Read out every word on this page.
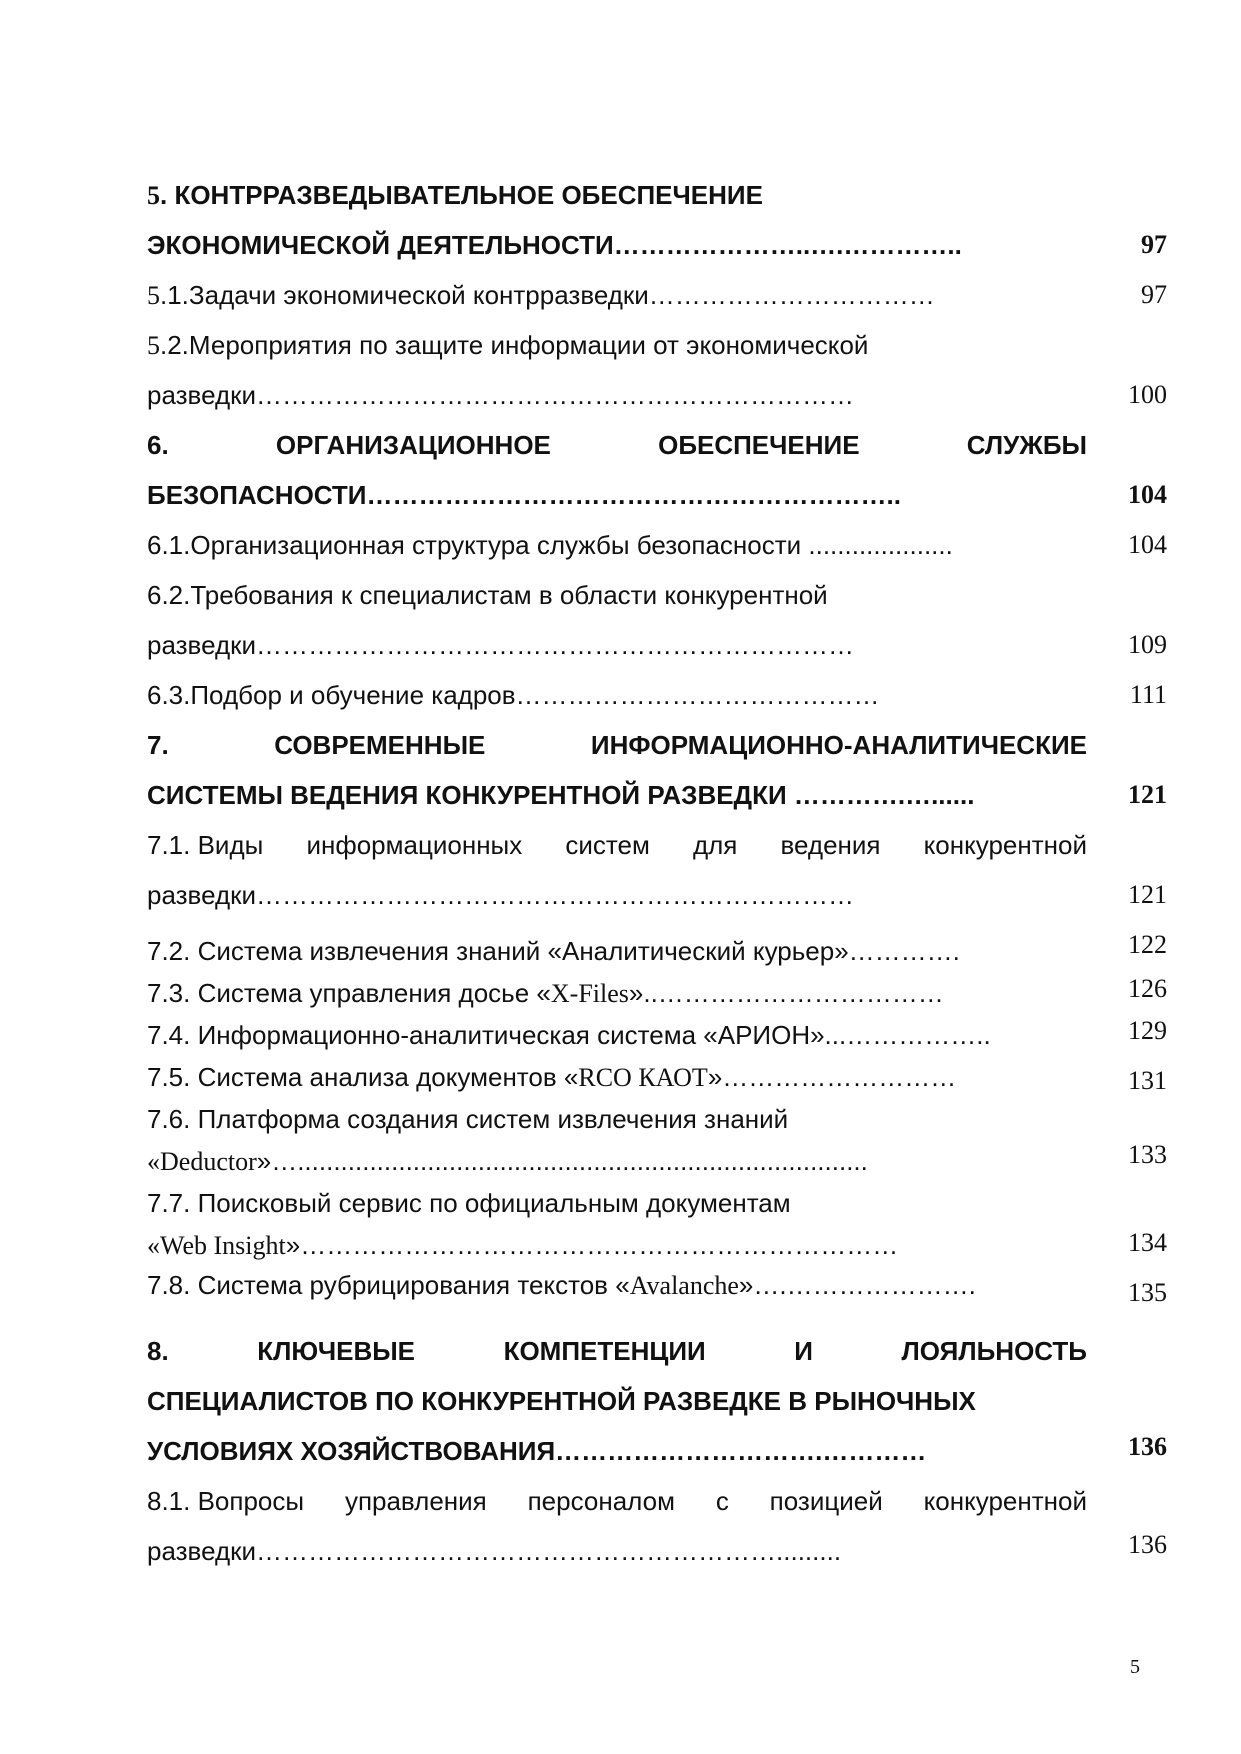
5. КОНТРРАЗВЕДЫВАТЕЛЬНОЕ ОБЕСПЕЧЕНИЕ
ЭКОНОМИЧЕСКОЙ ДЕЯТЕЛЬНОСТИ…………………..….…………..	97
5.1.Задачи экономической контрразведки……………………………	97
5.2.Мероприятия по защите информации от экономической
разведки……………………………………………………………	100
6.	ОРГАНИЗАЦИОННОЕ	ОБЕСПЕЧЕНИЕ	СЛУЖБЫ
БЕЗОПАСНОСТИ……………………………………………………..	104
6.1.Организационная структура службы безопасности ....................	104
6.2.Требования к специалистам в области конкурентной
разведки……………………………………………………………	109
6.3.Подбор и обучение кадров……………………………………	111
7.	СОВРЕМЕННЫЕ	ИНФОРМАЦИОННО-АНАЛИТИЧЕСКИЕ
СИСТЕМЫ ВЕДЕНИЯ КОНКУРЕНТНОЙ РАЗВЕДКИ ………….…......	121
7.1. Виды информационных систем для ведения конкурентной
разведки……………………………………………………………	121
7.2. Система извлечения знаний «Аналитический курьер»………….	122
7.3. Система управления досье «X-Files»..……………………………	126
7.4. Информационно-аналитическая система «АРИОН»...……………..	129
7.5. Система анализа документов «RCO КАОТ»………………………	131
7.6. Платформа создания систем извлечения знаний
«Deductor»…...............................................................................	133
7.7. Поисковый сервис по официальным документам
«Web Insight»……………………………………………………………	134
7.8. Система рубрицирования текстов «Avalanche»….………………….	135
8.	КЛЮЧЕВЫЕ	КОМПЕТЕНЦИИ	И	ЛОЯЛЬНОСТЬ
СПЕЦИАЛИСТОВ ПО КОНКУРЕНТНОЙ РАЗВЕДКЕ В РЫНОЧНЫХ
УСЛОВИЯХ ХОЗЯЙСТВОВАНИЯ………………………….…………	136
8.1. Вопросы управления персоналом с позицией конкурентной
разведки…………………………………………………….........	136
5
